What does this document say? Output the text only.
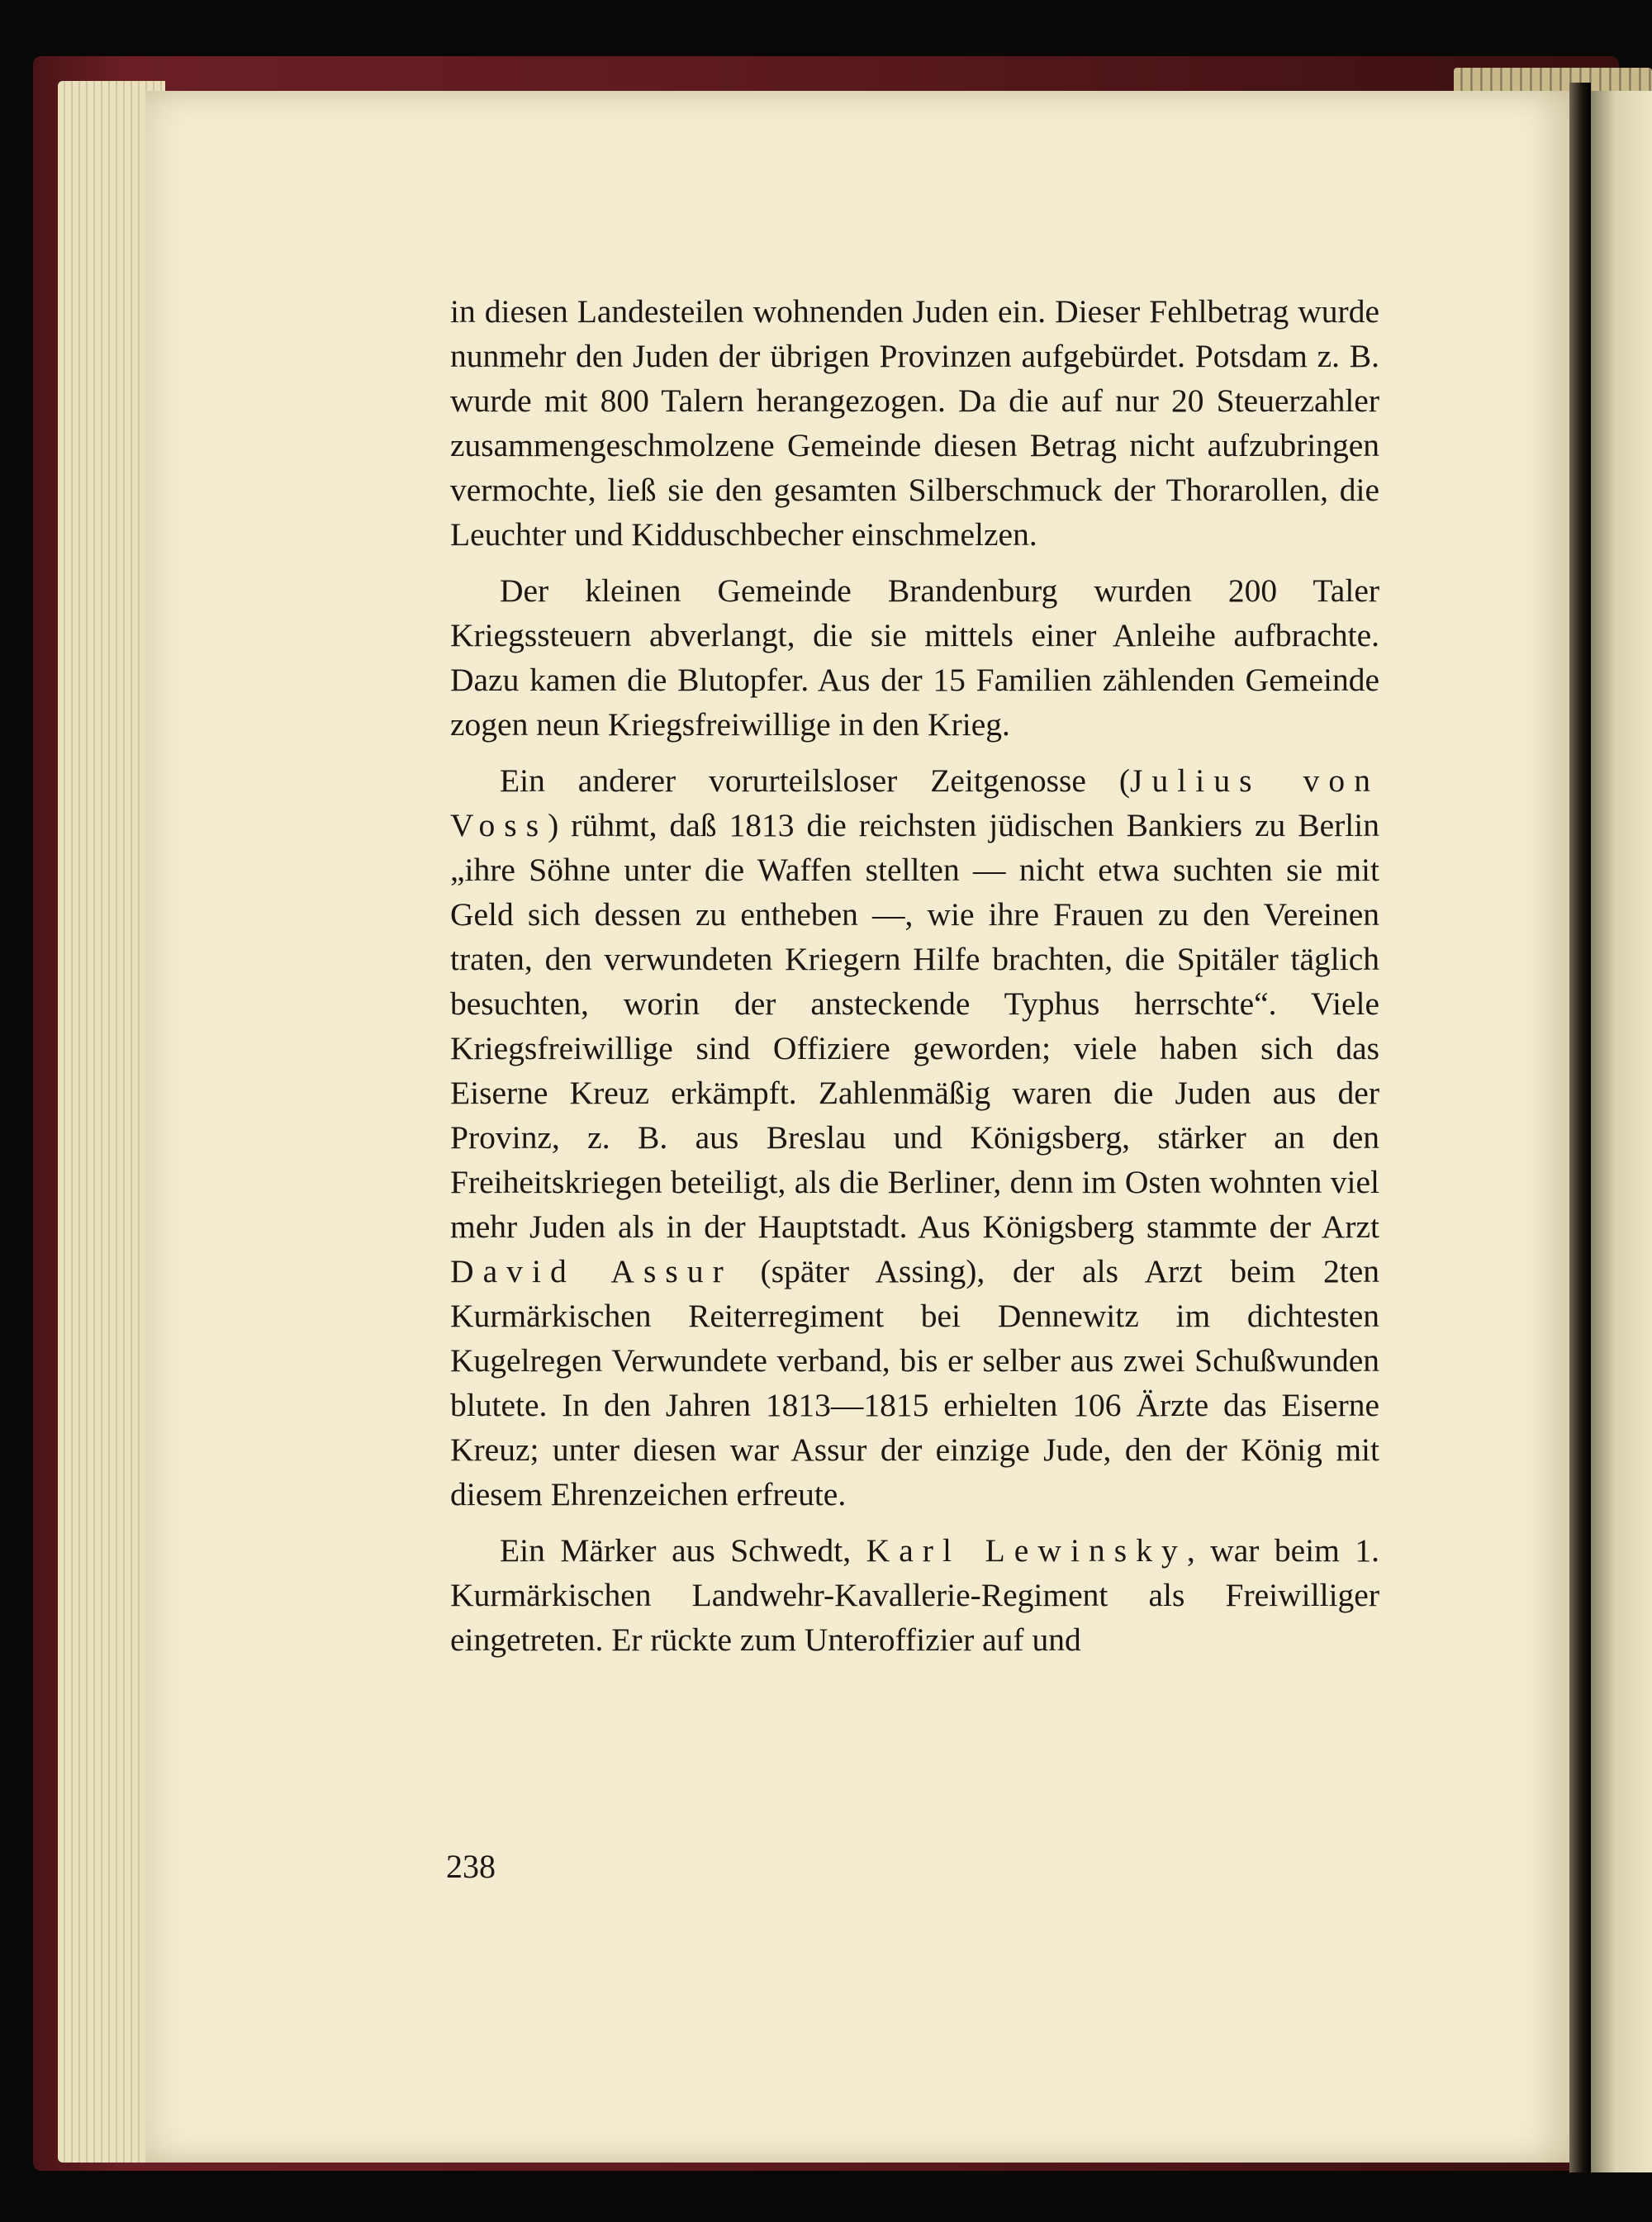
in diesen Landesteilen wohnenden Juden ein. Dieser Fehlbetrag wurde nunmehr den Juden der übrigen Provinzen aufgebürdet. Potsdam z. B. wurde mit 800 Talern herangezogen. Da die auf nur 20 Steuerzahler zusammengeschmolzene Gemeinde diesen Betrag nicht aufzubringen vermochte, ließ sie den gesamten Silberschmuck der Thorarollen, die Leuchter und Kidduschbecher einschmelzen.

Der kleinen Gemeinde Brandenburg wurden 200 Taler Kriegssteuern abverlangt, die sie mittels einer Anleihe aufbrachte. Dazu kamen die Blutopfer. Aus der 15 Familien zählenden Gemeinde zogen neun Kriegsfreiwillige in den Krieg.

Ein anderer vorurteilsloser Zeitgenosse (Julius von Voss) rühmt, daß 1813 die reichsten jüdischen Bankiers zu Berlin „ihre Söhne unter die Waffen stellten — nicht etwa suchten sie mit Geld sich dessen zu entheben —, wie ihre Frauen zu den Vereinen traten, den verwundeten Kriegern Hilfe brachten, die Spitäler täglich besuchten, worin der ansteckende Typhus herrschte“. Viele Kriegsfreiwillige sind Offiziere geworden; viele haben sich das Eiserne Kreuz erkämpft. Zahlenmäßig waren die Juden aus der Provinz, z. B. aus Breslau und Königsberg, stärker an den Freiheitskriegen beteiligt, als die Berliner, denn im Osten wohnten viel mehr Juden als in der Hauptstadt. Aus Königsberg stammte der Arzt David Assur (später Assing), der als Arzt beim 2ten Kurmärkischen Reiterregiment bei Dennewitz im dichtesten Kugelregen Verwundete verband, bis er selber aus zwei Schußwunden blutete. In den Jahren 1813—1815 erhielten 106 Ärzte das Eiserne Kreuz; unter diesen war Assur der einzige Jude, den der König mit diesem Ehrenzeichen erfreute.

Ein Märker aus Schwedt, Karl Lewinsky, war beim 1. Kurmärkischen Landwehr-Kavallerie-Regiment als Freiwilliger eingetreten. Er rückte zum Unteroffizier auf und

238
